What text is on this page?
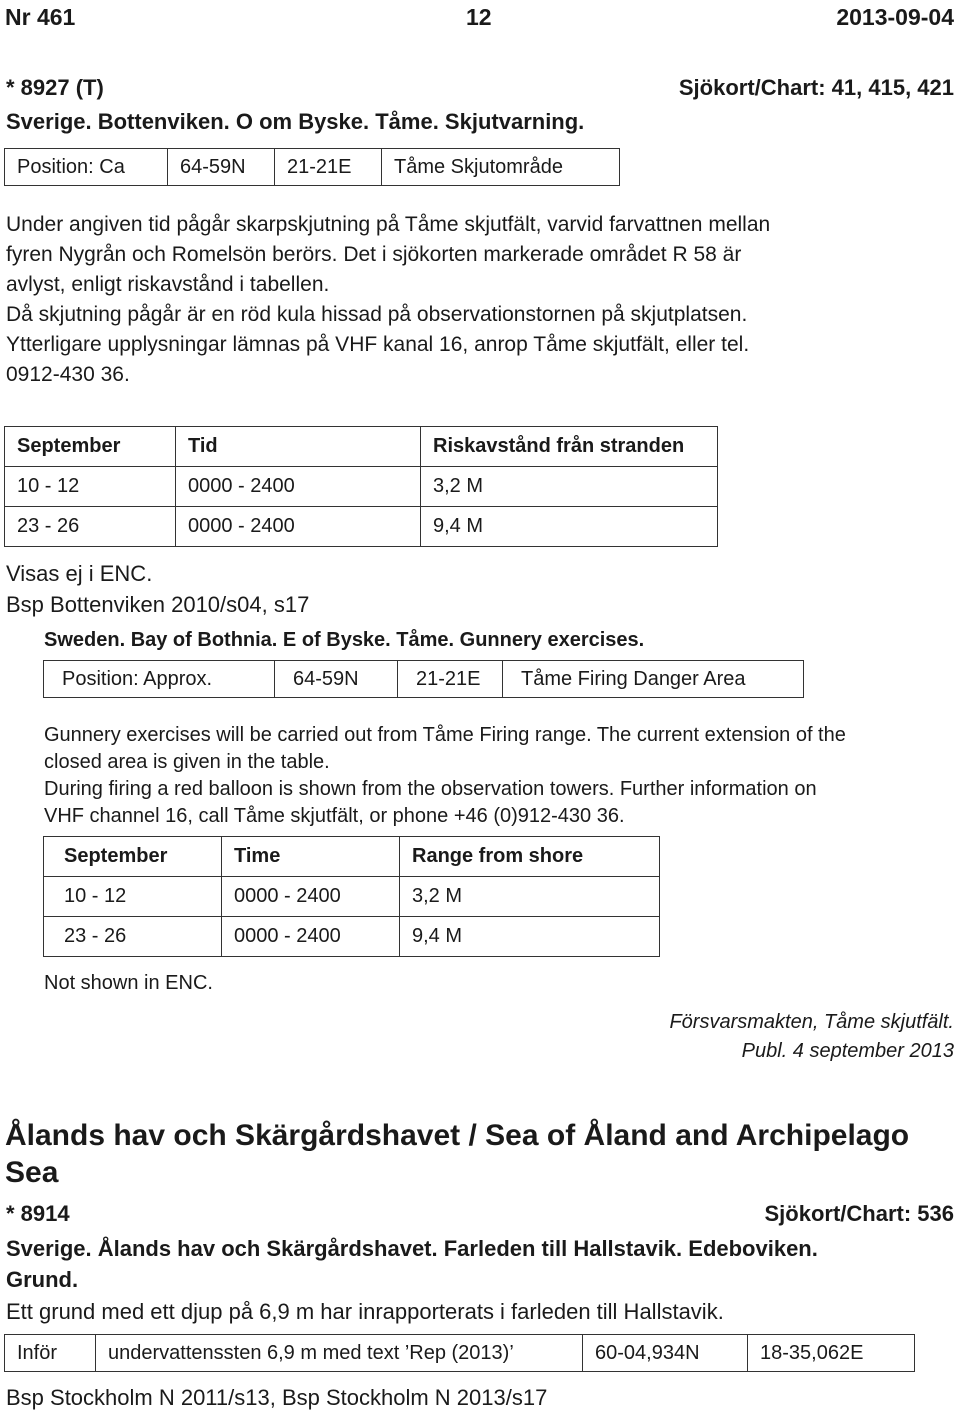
Nr 461	12	2013-09-04
* 8927 (T)	Sjökort/Chart: 41, 415, 421
Sverige. Bottenviken. O om Byske. Tåme. Skjutvarning.
Position: Ca	64-59N	21-21E	Tåme Skjutområde
Under angiven tid pågår skarpskjutning på Tåme skjutfält, varvid farvattnen mellan
fyren Nygrån och Romelsön berörs. Det i sjökorten markerade området R 58 är
avlyst, enligt riskavstånd i tabellen.
Då skjutning pågår är en röd kula hissad på observationstornen på skjutplatsen.
Ytterligare upplysningar lämnas på VHF kanal 16, anrop Tåme skjutfält, eller tel.
0912-430 36.
September	Tid	Riskavstånd från stranden
10 - 12	0000 - 2400	3,2 M
23 - 26	0000 - 2400	9,4 M
Visas ej i ENC.
Bsp Bottenviken 2010/s04, s17
Sweden. Bay of Bothnia. E of Byske. Tåme. Gunnery exercises.
Position: Approx.	64-59N	21-21E	Tåme Firing Danger Area
Gunnery exercises will be carried out from Tåme Firing range. The current extension of the
closed area is given in the table.
During firing a red balloon is shown from the observation towers. Further information on
VHF channel 16, call Tåme skjutfält, or phone +46 (0)912-430 36.
September	Time	Range from shore
10 - 12	0000 - 2400	3,2 M
23 - 26	0000 - 2400	9,4 M
Not shown in ENC.
Försvarsmakten, Tåme skjutfält.
Publ. 4 september 2013
Ålands hav och Skärgårdshavet / Sea of Åland and Archipelago
Sea
* 8914	Sjökort/Chart: 536
Sverige. Ålands hav och Skärgårdshavet. Farleden till Hallstavik. Edeboviken.
Grund.
Ett grund med ett djup på 6,9 m har inrapporterats i farleden till Hallstavik.
Inför	undervattenssten 6,9 m med text ’Rep (2013)’	60-04,934N	18-35,062E
Bsp Stockholm N 2011/s13, Bsp Stockholm N 2013/s17
